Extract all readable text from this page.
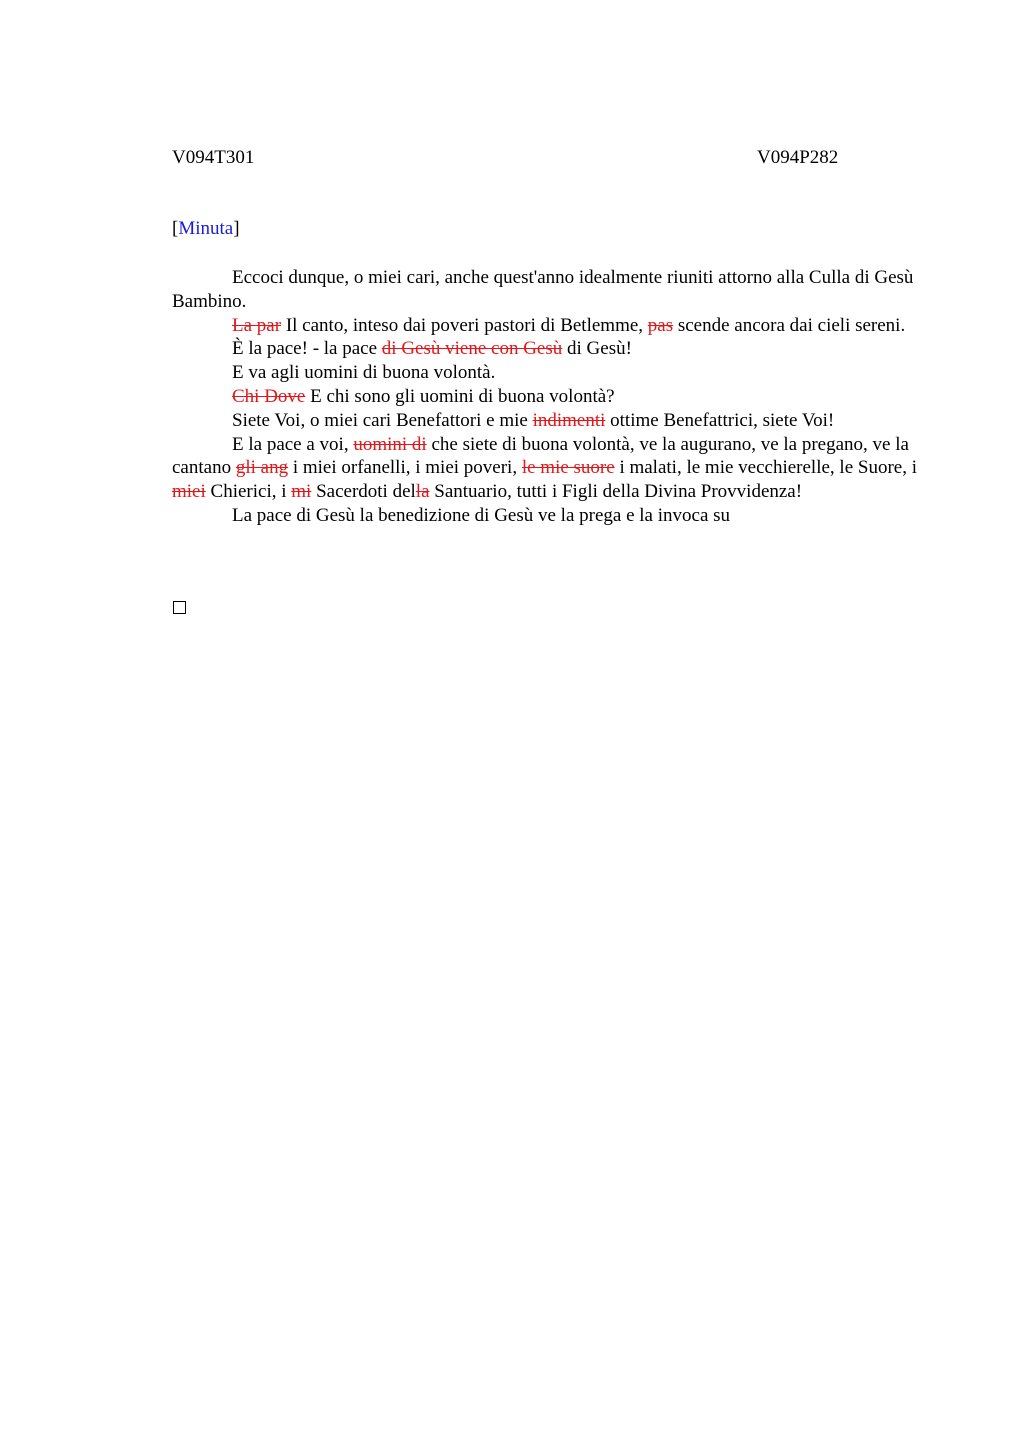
V094T301	V094P282
[Minuta]

Eccoci dunque, o miei cari, anche quest'anno idealmente riuniti attorno alla Culla di Gesù Bambino.

La par Il canto, inteso dai poveri pastori di Betlemme, pas scende ancora dai cieli sereni.

È la pace! - la pace di Gesù viene con Gesù di Gesù!

E va agli uomini di buona volontà.

Chi Dove E chi sono gli uomini di buona volontà?

Siete Voi, o miei cari Benefattori e mie indimenti ottime Benefattrici, siete Voi!

E la pace a voi, uomini di che siete di buona volontà, ve la augurano, ve la pregano, ve la cantano gli ang i miei orfanelli, i miei poveri, le mie suore i malati, le mie vecchierelle, le Suore, i miei Chierici, i mi Sacerdoti della Santuario, tutti i Figli della Divina Provvidenza!

La pace di Gesù la benedizione di Gesù ve la prega e la invoca su
